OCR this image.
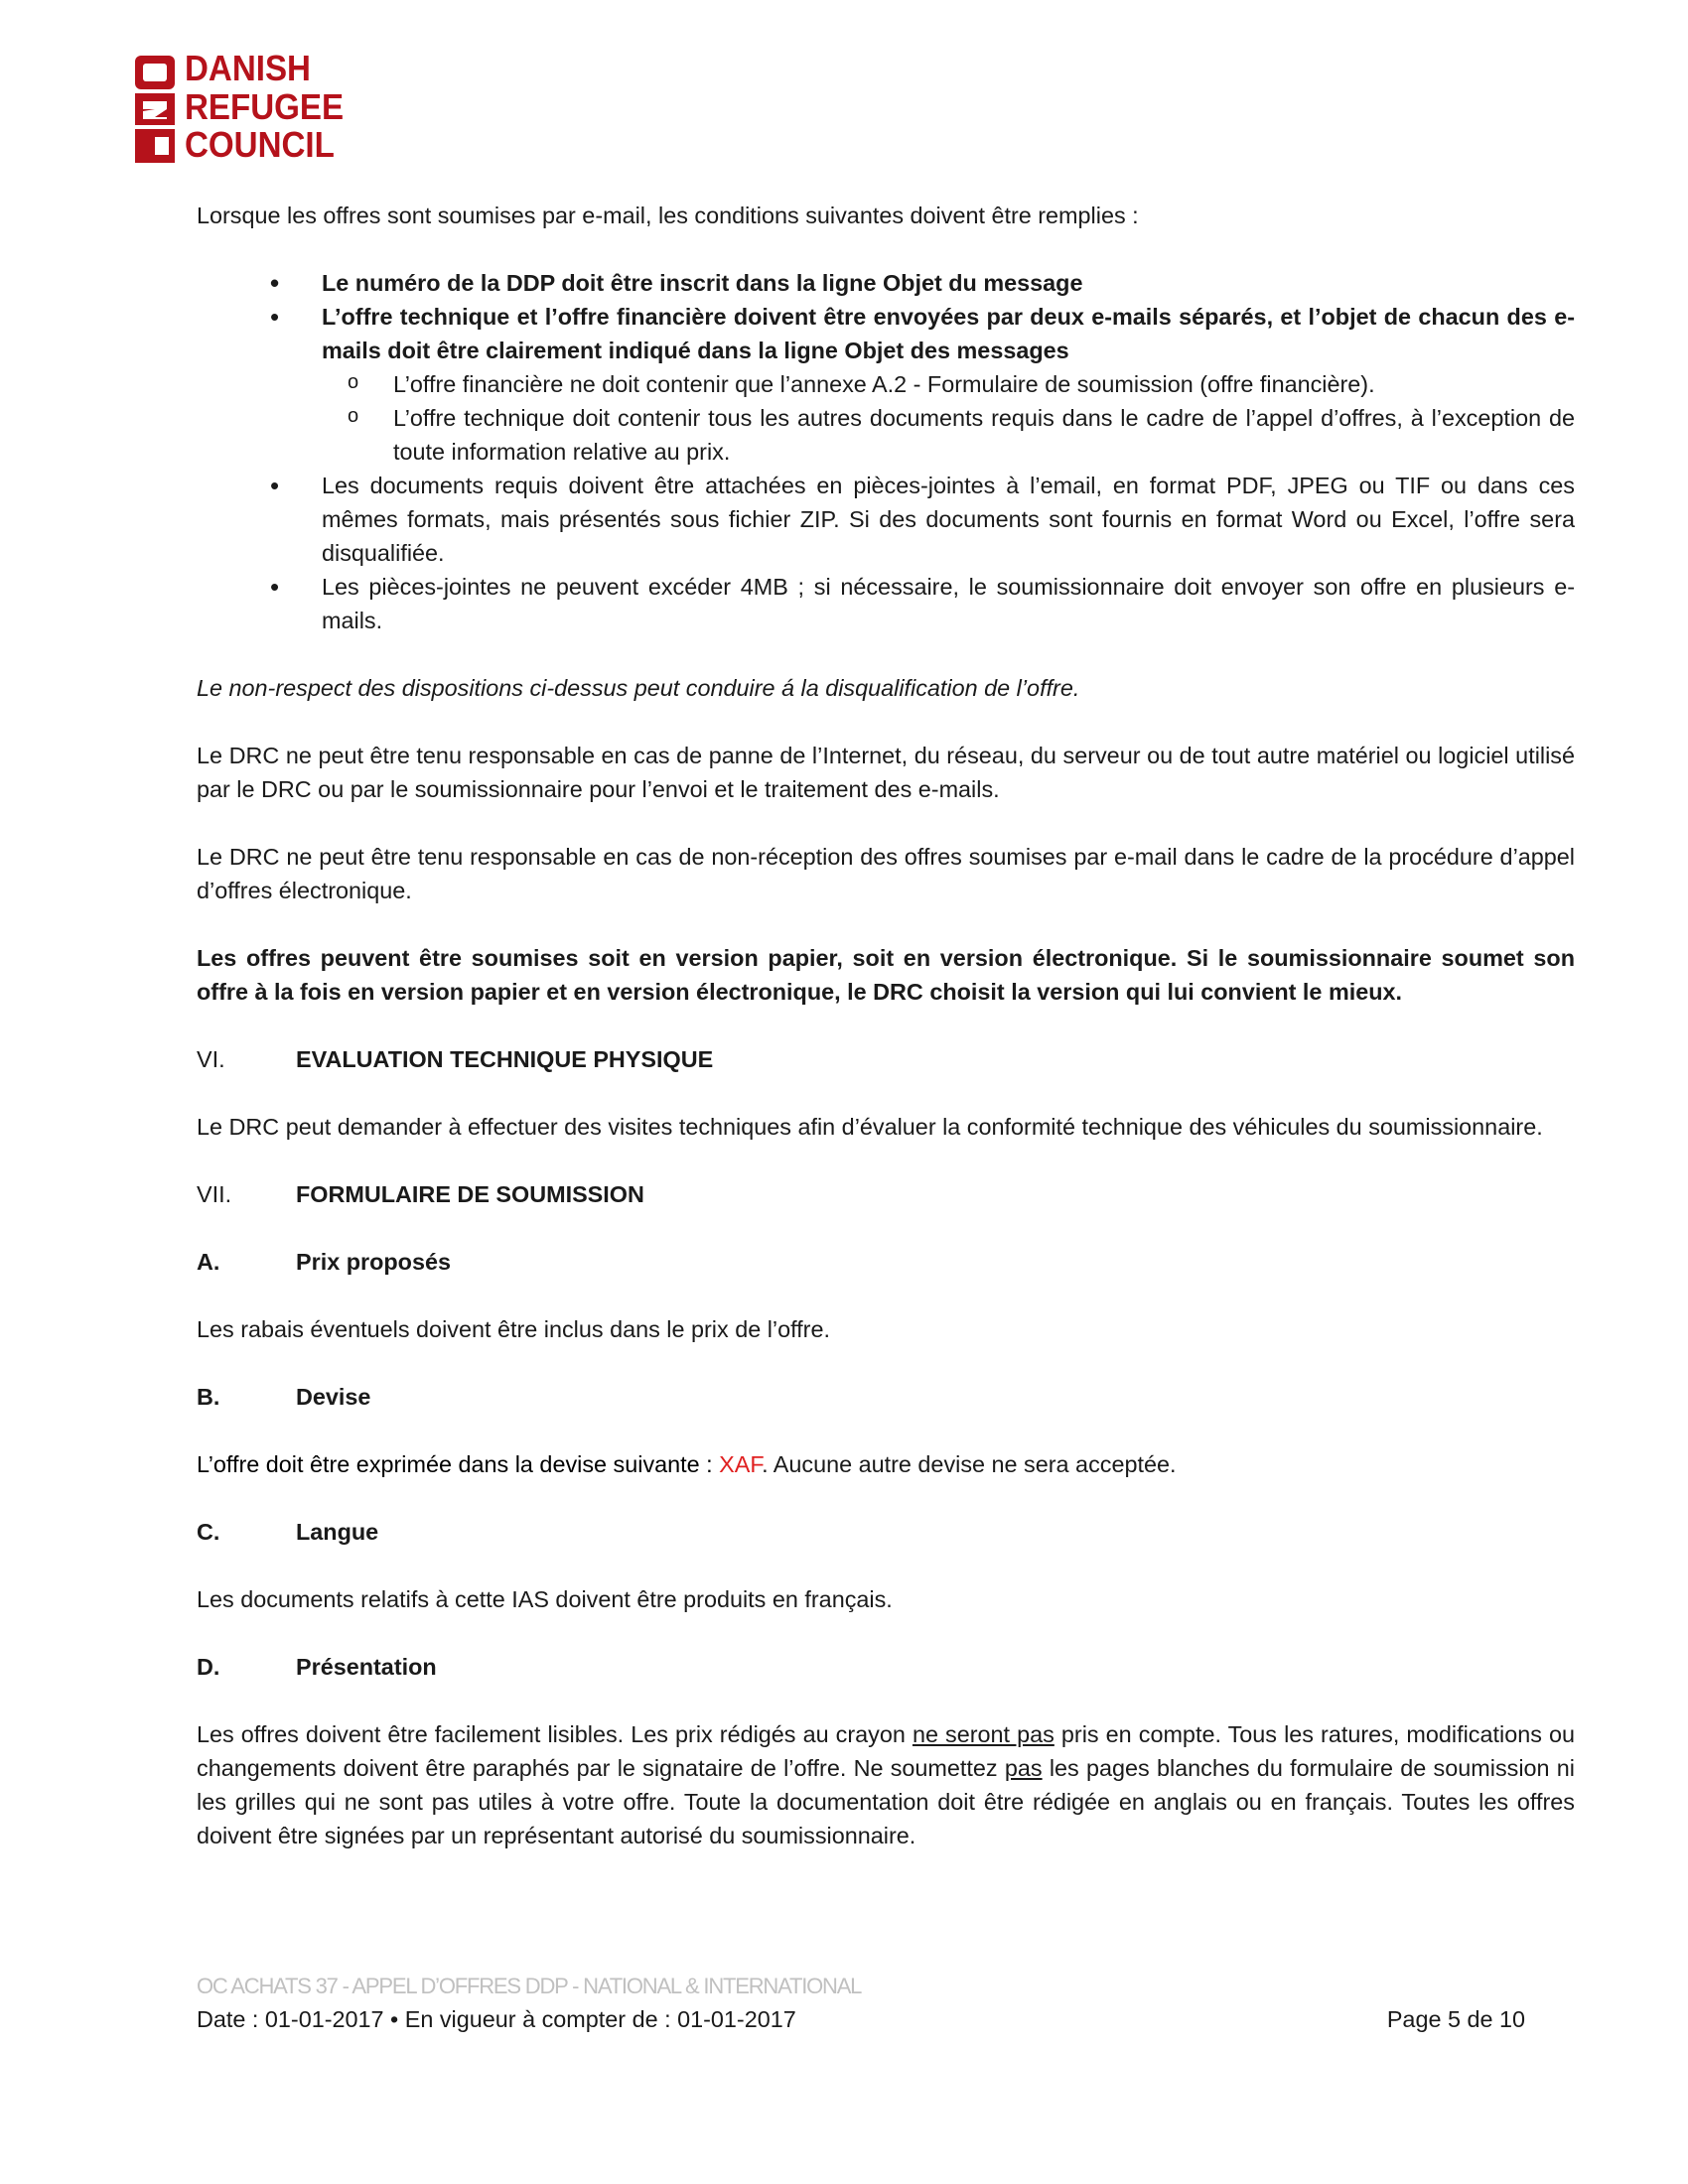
DANISH
REFUGEE
COUNCIL

Lorsque les offres sont soumises par e-mail, les conditions suivantes doivent être remplies :

• Le numéro de la DDP doit être inscrit dans la ligne Objet du message
• L’offre technique et l’offre financière doivent être envoyées par deux e-mails séparés, et l’objet de chacun des e-mails doit être clairement indiqué dans la ligne Objet des messages
o L’offre financière ne doit contenir que l’annexe A.2 - Formulaire de soumission (offre financière).
o L’offre technique doit contenir tous les autres documents requis dans le cadre de l’appel d’offres, à l’exception de toute information relative au prix.
• Les documents requis doivent être attachées en pièces-jointes à l’email, en format PDF, JPEG ou TIF ou dans ces mêmes formats, mais présentés sous fichier ZIP. Si des documents sont fournis en format Word ou Excel, l’offre sera disqualifiée.
• Les pièces-jointes ne peuvent excéder 4MB ; si nécessaire, le soumissionnaire doit envoyer son offre en plusieurs e-mails.

Le non-respect des dispositions ci-dessus peut conduire á la disqualification de l’offre.

Le DRC ne peut être tenu responsable en cas de panne de l’Internet, du réseau, du serveur ou de tout autre matériel ou logiciel utilisé par le DRC ou par le soumissionnaire pour l’envoi et le traitement des e-mails.

Le DRC ne peut être tenu responsable en cas de non-réception des offres soumises par e-mail dans le cadre de la procédure d’appel d’offres électronique.

Les offres peuvent être soumises soit en version papier, soit en version électronique. Si le soumissionnaire soumet son offre à la fois en version papier et en version électronique, le DRC choisit la version qui lui convient le mieux.

VI.	EVALUATION TECHNIQUE PHYSIQUE

Le DRC peut demander à effectuer des visites techniques afin d’évaluer la conformité technique des véhicules du soumissionnaire.

VII.	FORMULAIRE DE SOUMISSION
A.	Prix proposés

Les rabais éventuels doivent être inclus dans le prix de l’offre.

B.	Devise

L’offre doit être exprimée dans la devise suivante : XAF. Aucune autre devise ne sera acceptée.

C.	Langue

Les documents relatifs à cette IAS doivent être produits en français.

D.	Présentation

Les offres doivent être facilement lisibles. Les prix rédigés au crayon ne seront pas pris en compte. Tous les ratures, modifications ou changements doivent être paraphés par le signataire de l’offre. Ne soumettez pas les pages blanches du formulaire de soumission ni les grilles qui ne sont pas utiles à votre offre. Toute la documentation doit être rédigée en anglais ou en français. Toutes les offres doivent être signées par un représentant autorisé du soumissionnaire.

OC ACHATS 37 - APPEL D’OFFRES DDP - NATIONAL & INTERNATIONAL
Date : 01-01-2017 • En vigueur à compter de : 01-01-2017	Page 5 de 10
